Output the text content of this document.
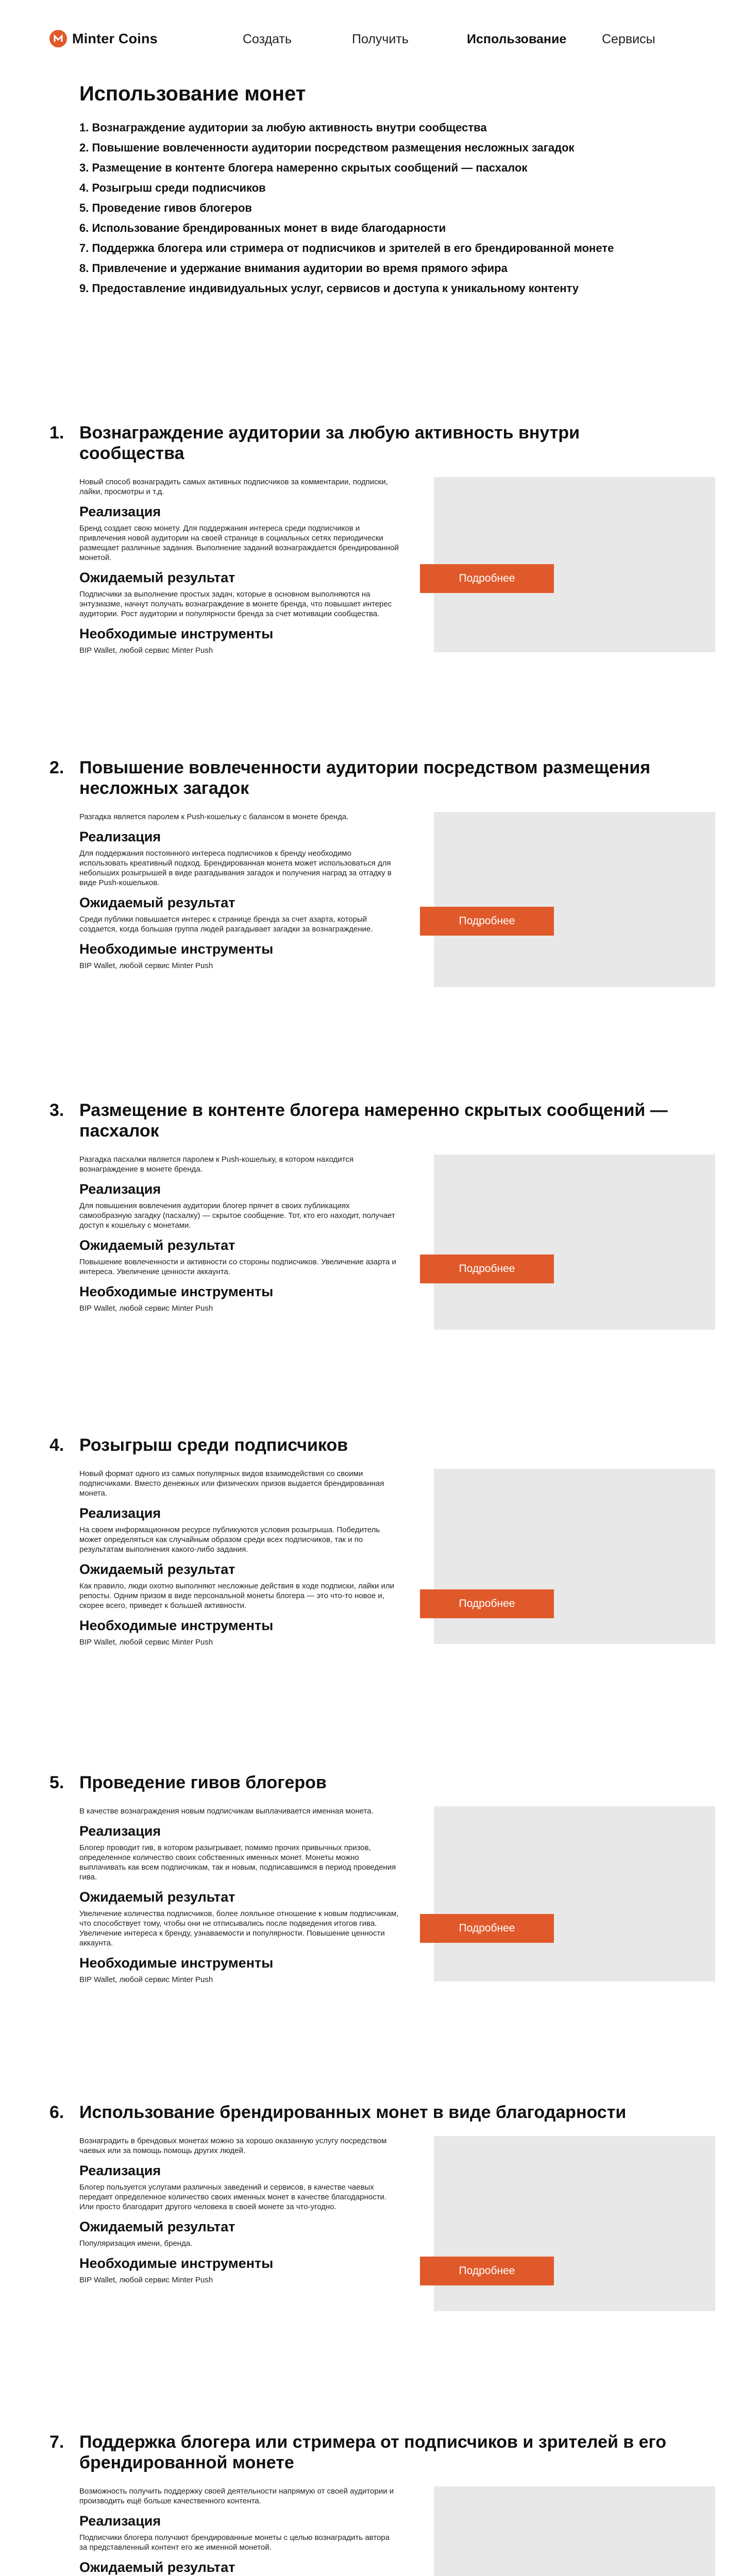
Minter Coins	Создать	Получить	Использование	Сервисы
Использование монет
1. Вознаграждение аудитории за любую активность внутри сообщества
2. Повышение вовлеченности аудитории посредством размещения несложных загадок
3. Размещение в контенте блогера намеренно скрытых сообщений — пасхалок
4. Розыгрыш среди подписчиков
5. Проведение гивов блогеров
6. Использование брендированных монет в виде благодарности
7. Поддержка блогера или стримера от подписчиков и зрителей в его брендированной монете
8. Привлечение и удержание внимания аудитории во время прямого эфира
9. Предоставление индивидуальных услуг, сервисов и доступа к уникальному контенту
1. Вознаграждение аудитории за любую активность внутри сообщества

Новый способ вознаградить самых активных подписчиков за комментарии, подписки, лайки, просмотры и т.д.

Реализация

Бренд создает свою монету. Для поддержания интереса среди подписчиков и привлечения новой аудитории на своей странице в социальных сетях периодически размещает различные задания. Выполнение заданий вознаграждается брендированной монетой.

Ожидаемый результат

Подписчики за выполнение простых задач, которые в основном выполняются на энтузиазме, начнут получать вознаграждение в монете бренда, что повышает интерес аудитории. Рост аудитории и популярности бренда за счет мотивации сообщества.

Необходимые инструменты

BIP Wallet, любой сервис Minter Push

Подробнее
2. Повышение вовлеченности аудитории посредством размещения несложных загадок

Разгадка является паролем к Push-кошельку с балансом в монете бренда.

Реализация

Для поддержания постоянного интереса подписчиков к бренду необходимо использовать креативный подход. Брендированная монета может использоваться для небольших розыгрышей в виде разгадывания загадок и получения наград за отгадку в виде Push-кошельков.

Ожидаемый результат

Среди публики повышается интерес к странице бренда за счет азарта, который создается, когда большая группа людей разгадывает загадки за вознаграждение.

Необходимые инструменты

BIP Wallet, любой сервис Minter Push

Подробнее
3. Размещение в контенте блогера намеренно скрытых сообщений — пасхалок

Разгадка пасхалки является паролем к Push-кошельку, в котором находится вознаграждение в монете бренда.

Реализация

Для повышения вовлечения аудитории блогер прячет в своих публикациях самообразную загадку (пасхалку) — скрытое сообщение. Тот, кто его находит, получает доступ к кошельку с монетами.

Ожидаемый результат

Повышение вовлеченности и активности со стороны подписчиков. Увеличение азарта и интереса. Увеличение ценности аккаунта.

Необходимые инструменты

BIP Wallet, любой сервис Minter Push

Подробнее
4. Розыгрыш среди подписчиков

Новый формат одного из самых популярных видов взаимодействия со своими подписчиками. Вместо денежных или физических призов выдается брендированная монета.

Реализация

На своем информационном ресурсе публикуются условия розыгрыша. Победитель может определяться как случайным образом среди всех подписчиков, так и по результатам выполнения какого-либо задания.

Ожидаемый результат

Как правило, люди охотно выполняют несложные действия в ходе подписки, лайки или репосты. Одним призом в виде персональной монеты блогера — это что-то новое и, скорее всего, приведет к большей активности.

Необходимые инструменты

BIP Wallet, любой сервис Minter Push

Подробнее
5. Проведение гивов блогеров

В качестве вознаграждения новым подписчикам выплачивается именная монета.

Реализация

Блогер проводит гив, в котором разыгрывает, помимо прочих привычных призов, определенное количество своих собственных именных монет. Монеты можно выплачивать как всем подписчикам, так и новым, подписавшимся в период проведения гива.

Ожидаемый результат

Увеличение количества подписчиков, более лояльное отношение к новым подписчикам, что способствует тому, чтобы они не отписывались после подведения итогов гива. Увеличение интереса к бренду, узнаваемости и популярности. Повышение ценности аккаунта.

Необходимые инструменты

BIP Wallet, любой сервис Minter Push

Подробнее
6. Использование брендированных монет в виде благодарности

Вознаградить в брендовых монетах можно за хорошо оказанную услугу посредством чаевых или за помощь помощь других людей.

Реализация

Блогер пользуется услугами различных заведений и сервисов, в качестве чаевых передает определенное количество своих именных монет в качестве благодарности. Или просто благодарит другого человека в своей монете за что-угодно.

Ожидаемый результат

Популяризация имени, бренда.

Необходимые инструменты

BIP Wallet, любой сервис Minter Push

Подробнее
7. Поддержка блогера или стримера от подписчиков и зрителей в его брендированной монете

Возможность получить поддержку своей деятельности напрямую от своей аудитории и производить ещё больше качественного контента.

Реализация

Подписчики блогера получают брендированные монеты с целью вознаградить автора за представленный контент его же именной монетой.

Ожидаемый результат
